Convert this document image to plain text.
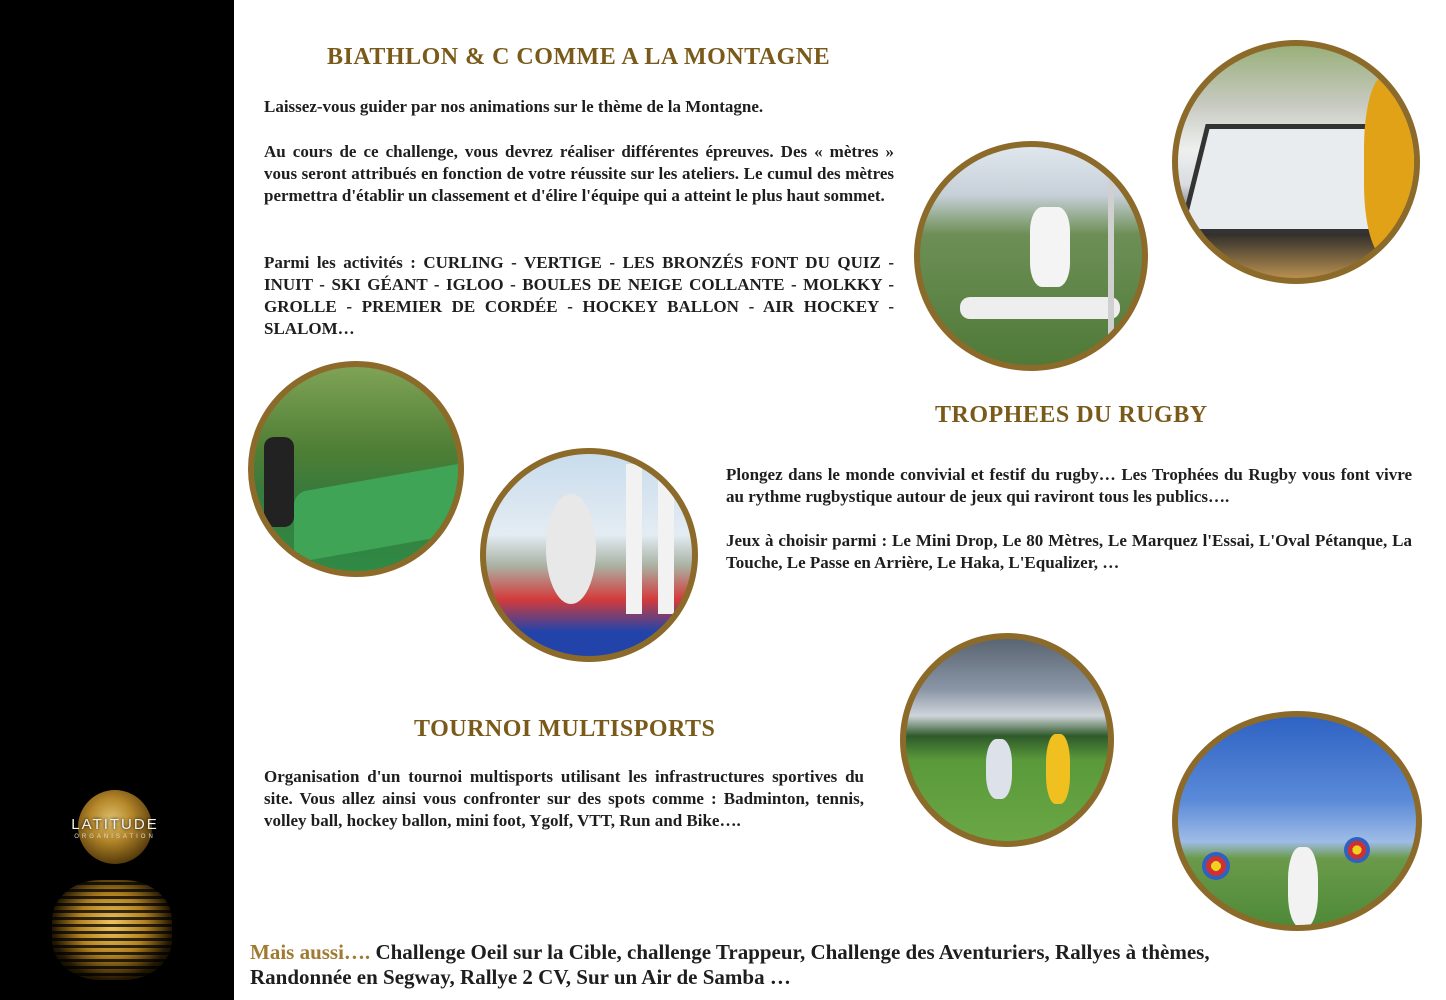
LATITUDE
ORGANISATION
BIATHLON & C COMME A LA MONTAGNE

Laissez-vous guider par nos animations sur le thème de la Montagne.

Au cours de ce challenge, vous devrez réaliser différentes épreuves. Des « mètres » vous seront attribués en fonction de votre réussite sur les ateliers. Le cumul des mètres permettra d'établir un classement et d'élire l'équipe qui a atteint le plus haut sommet.

Parmi les activités : CURLING - VERTIGE - LES BRONZÉS FONT DU QUIZ - INUIT - SKI GÉANT - IGLOO - BOULES DE NEIGE COLLANTE - MOLKKY - GROLLE - PREMIER DE CORDÉE - HOCKEY BALLON - AIR HOCKEY - SLALOM…

TROPHEES DU RUGBY

Plongez dans le monde convivial et festif du rugby… Les Trophées du Rugby vous font vivre au rythme rugbystique autour de jeux qui raviront tous les publics….

Jeux à choisir parmi : Le Mini Drop, Le 80 Mètres, Le Marquez l'Essai, L'Oval Pétanque, La Touche, Le Passe en Arrière, Le Haka, L'Equalizer, …

TOURNOI MULTISPORTS

Organisation d'un tournoi multisports utilisant les infrastructures sportives du site. Vous allez ainsi vous confronter sur des spots comme : Badminton, tennis, volley ball, hockey ballon, mini foot, Ygolf, VTT, Run and Bike….

Mais aussi…. Challenge Oeil sur la Cible, challenge Trappeur, Challenge des Aventuriers, Rallyes à thèmes, Randonnée en Segway, Rallye 2 CV, Sur un Air de Samba …
